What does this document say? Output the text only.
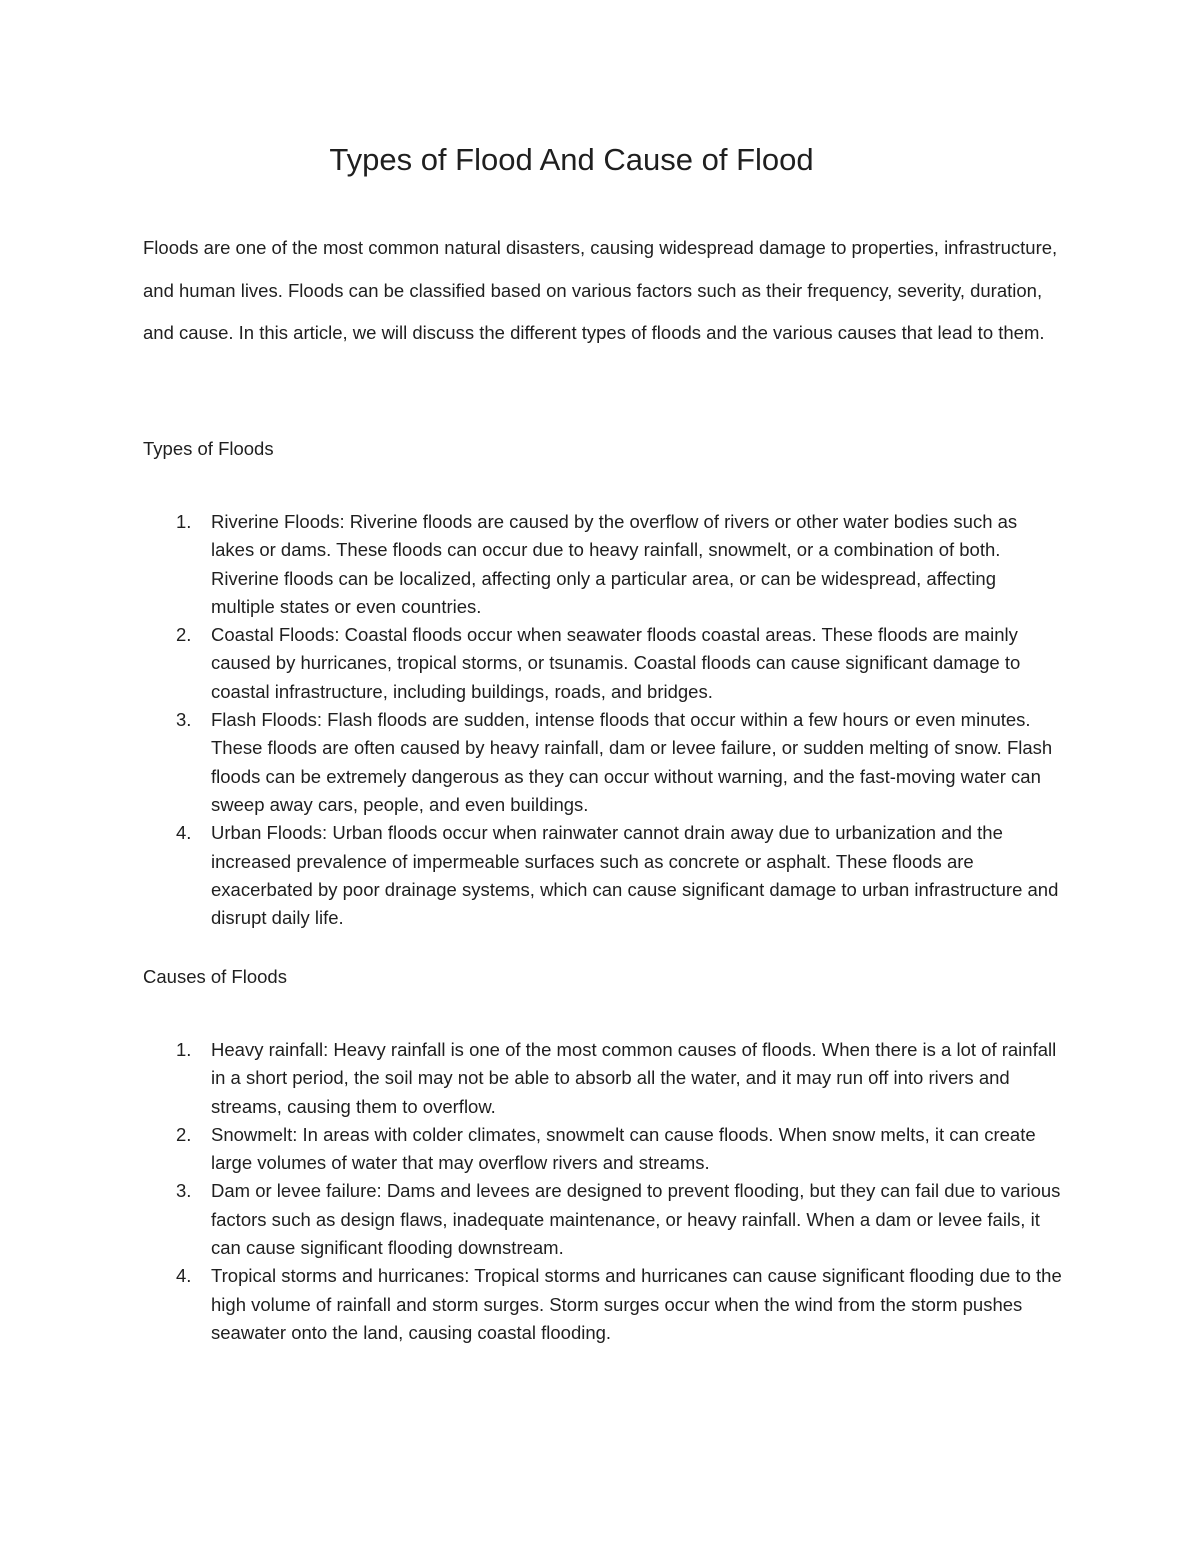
Types of Flood And Cause of Flood

Floods are one of the most common natural disasters, causing widespread damage to properties, infrastructure, and human lives. Floods can be classified based on various factors such as their frequency, severity, duration, and cause. In this article, we will discuss the different types of floods and the various causes that lead to them.

Types of Floods
1. Riverine Floods: Riverine floods are caused by the overflow of rivers or other water bodies such as lakes or dams. These floods can occur due to heavy rainfall, snowmelt, or a combination of both. Riverine floods can be localized, affecting only a particular area, or can be widespread, affecting multiple states or even countries.
2. Coastal Floods: Coastal floods occur when seawater floods coastal areas. These floods are mainly caused by hurricanes, tropical storms, or tsunamis. Coastal floods can cause significant damage to coastal infrastructure, including buildings, roads, and bridges.
3. Flash Floods: Flash floods are sudden, intense floods that occur within a few hours or even minutes. These floods are often caused by heavy rainfall, dam or levee failure, or sudden melting of snow. Flash floods can be extremely dangerous as they can occur without warning, and the fast-moving water can sweep away cars, people, and even buildings.
4. Urban Floods: Urban floods occur when rainwater cannot drain away due to urbanization and the increased prevalence of impermeable surfaces such as concrete or asphalt. These floods are exacerbated by poor drainage systems, which can cause significant damage to urban infrastructure and disrupt daily life.
Causes of Floods
1. Heavy rainfall: Heavy rainfall is one of the most common causes of floods. When there is a lot of rainfall in a short period, the soil may not be able to absorb all the water, and it may run off into rivers and streams, causing them to overflow.
2. Snowmelt: In areas with colder climates, snowmelt can cause floods. When snow melts, it can create large volumes of water that may overflow rivers and streams.
3. Dam or levee failure: Dams and levees are designed to prevent flooding, but they can fail due to various factors such as design flaws, inadequate maintenance, or heavy rainfall. When a dam or levee fails, it can cause significant flooding downstream.
4. Tropical storms and hurricanes: Tropical storms and hurricanes can cause significant flooding due to the high volume of rainfall and storm surges. Storm surges occur when the wind from the storm pushes seawater onto the land, causing coastal flooding.
